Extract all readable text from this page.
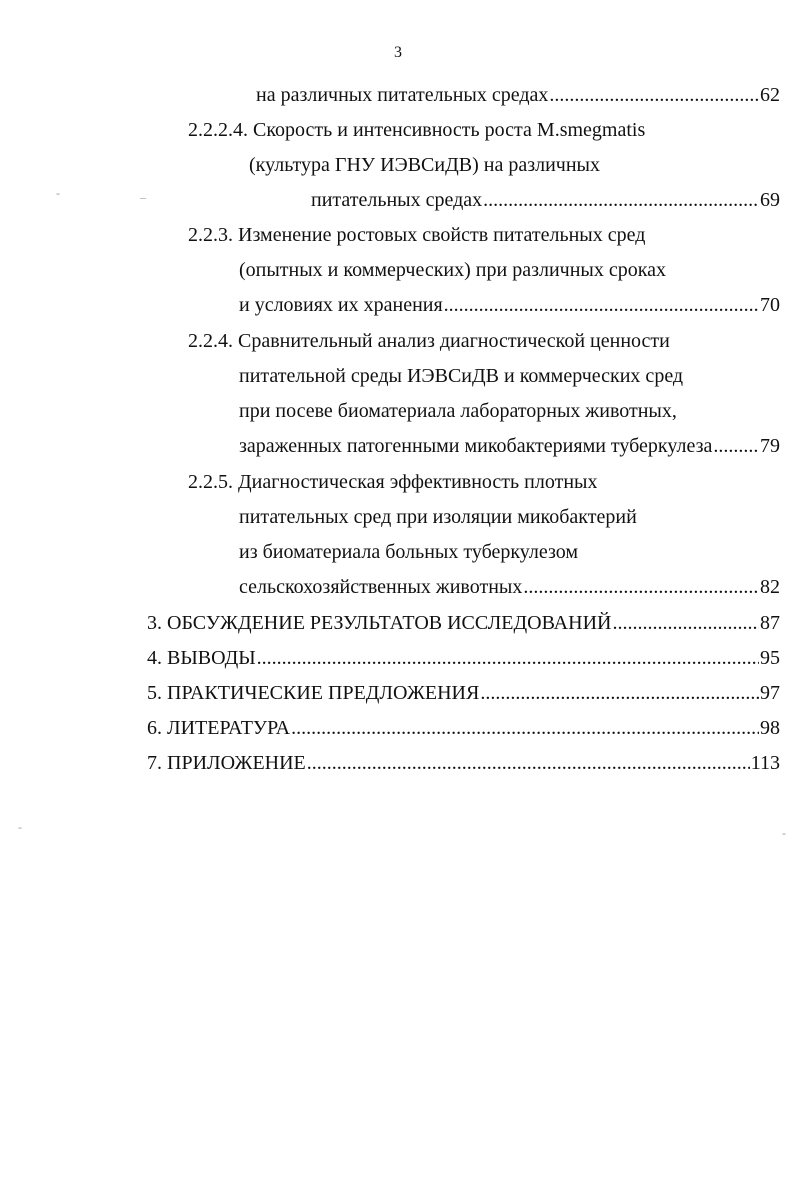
3
на различных питательных средах .....	62
2.2.2.4. Скорость и интенсивность роста M.smegmatis
(культура ГНУ ИЭВСиДВ) на различных
питательных средах .....	69
2.2.3. Изменение ростовых свойств питательных сред
(опытных и коммерческих) при различных сроках
и условиях их хранения .....	70
2.2.4. Сравнительный анализ диагностической ценности
питательной среды ИЭВСиДВ и коммерческих сред
при посеве биоматериала лабораторных животных,
зараженных патогенными микобактериями туберкулеза ..... 79
2.2.5. Диагностическая эффективность плотных
питательных сред при изоляции микобактерий
из биоматериала больных туберкулезом
сельскохозяйственных животных .....	82
3. ОБСУЖДЕНИЕ РЕЗУЛЬТАТОВ ИССЛЕДОВАНИЙ .....	87
4. ВЫВОДЫ .....	95
5. ПРАКТИЧЕСКИЕ ПРЕДЛОЖЕНИЯ .....	97
6. ЛИТЕРАТУРА .....	98
7. ПРИЛОЖЕНИЕ .....	113
–
-
-	-
